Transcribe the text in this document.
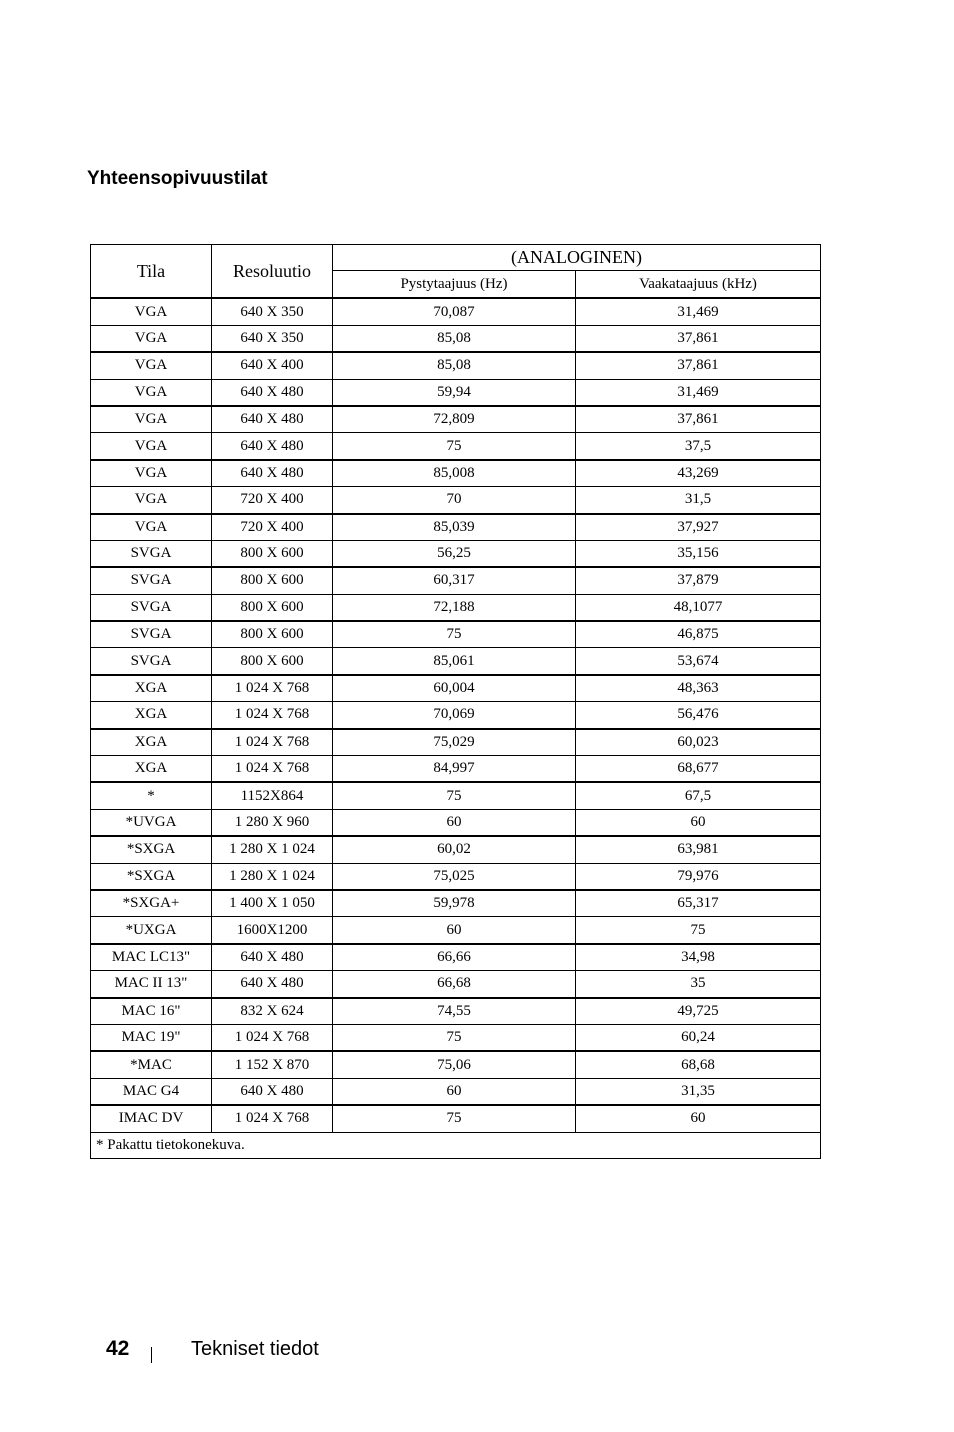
Yhteensopivuustilat
Tila	Resoluutio	(ANALOGINEN)	
		Pystytaajuus (Hz)	Vaakataajuus (kHz)
VGA	640 X 350	70,087	31,469
VGA	640 X 350	85,08	37,861
VGA	640 X 400	85,08	37,861
VGA	640 X 480	59,94	31,469
VGA	640 X 480	72,809	37,861
VGA	640 X 480	75	37,5
VGA	640 X 480	85,008	43,269
VGA	720 X 400	70	31,5
VGA	720 X 400	85,039	37,927
SVGA	800 X 600	56,25	35,156
SVGA	800 X 600	60,317	37,879
SVGA	800 X 600	72,188	48,1077
SVGA	800 X 600	75	46,875
SVGA	800 X 600	85,061	53,674
XGA	1 024 X 768	60,004	48,363
XGA	1 024 X 768	70,069	56,476
XGA	1 024 X 768	75,029	60,023
XGA	1 024 X 768	84,997	68,677
*	1152X864	75	67,5
*UVGA	1 280 X 960	60	60
*SXGA	1 280 X 1 024	60,02	63,981
*SXGA	1 280 X 1 024	75,025	79,976
*SXGA+	1 400 X 1 050	59,978	65,317
*UXGA	1600X1200	60	75
MAC LC13"	640 X 480	66,66	34,98
MAC II 13"	640 X 480	66,68	35
MAC 16"	832 X 624	74,55	49,725
MAC 19"	1 024 X 768	75	60,24
*MAC	1 152 X 870	75,06	68,68
MAC G4	640 X 480	60	31,35
IMAC DV	1 024 X 768	75	60
* Pakattu tietokonekuva.			
42	Tekniset tiedot
